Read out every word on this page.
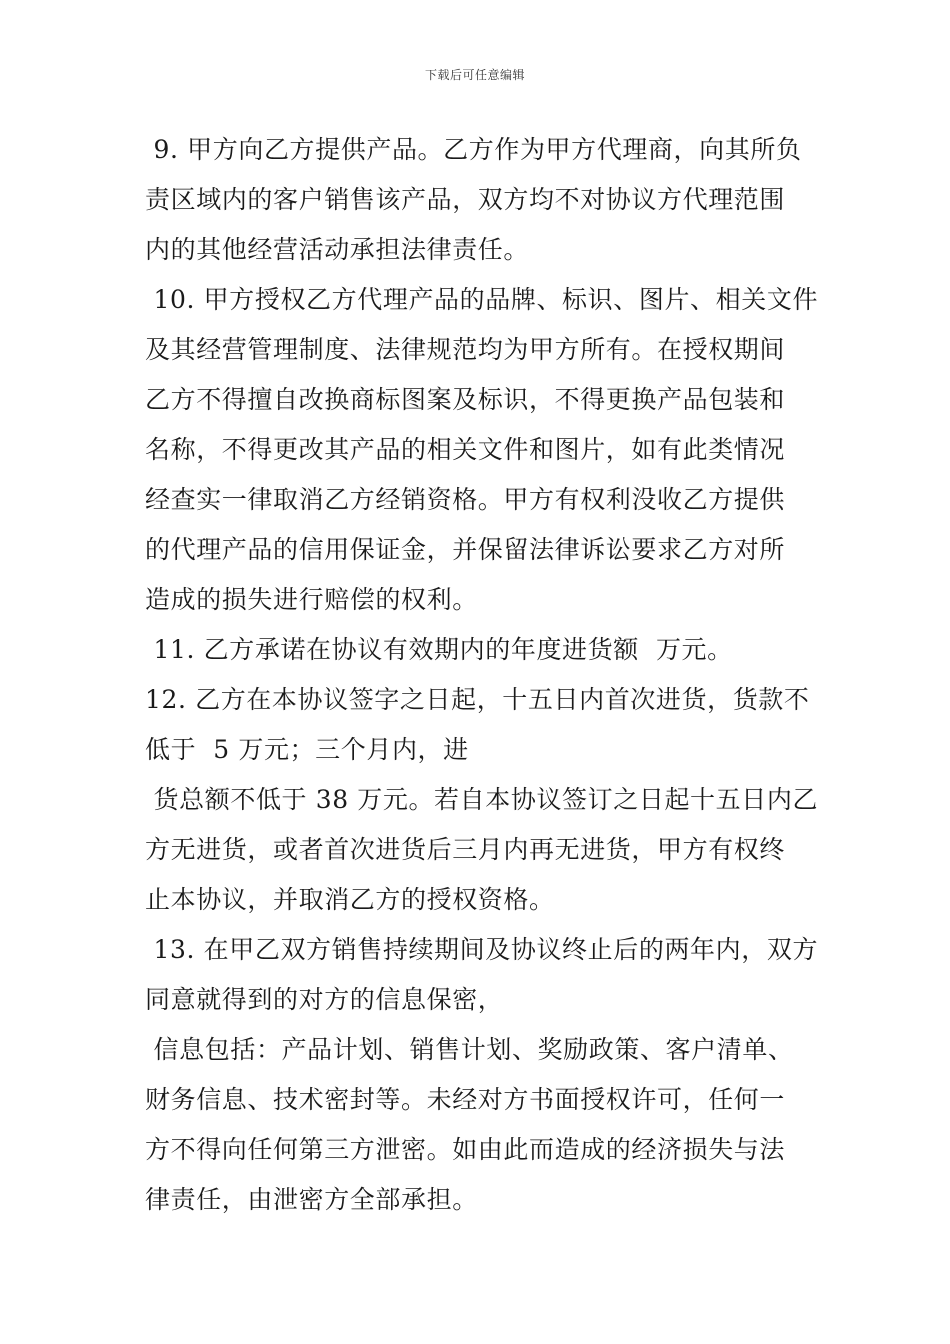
下载后可任意编辑
9. 甲方向乙方提供产品。乙方作为甲方代理商，向其所负
责区域内的客户销售该产品，双方均不对协议方代理范围
内的其他经营活动承担法律责任。
10. 甲方授权乙方代理产品的品牌、标识、图片、相关文件
及其经营管理制度、法律规范均为甲方所有。在授权期间
乙方不得擅自改换商标图案及标识，不得更换产品包装和
名称，不得更改其产品的相关文件和图片，如有此类情况
经查实一律取消乙方经销资格。甲方有权利没收乙方提供
的代理产品的信用保证金，并保留法律诉讼要求乙方对所
造成的损失进行赔偿的权利。
11. 乙方承诺在协议有效期内的年度进货额  万元。
12. 乙方在本协议签字之日起，十五日内首次进货，货款不
低于  5 万元；三个月内，进
货总额不低于 38 万元。若自本协议签订之日起十五日内乙
方无进货，或者首次进货后三月内再无进货，甲方有权终
止本协议，并取消乙方的授权资格。
13. 在甲乙双方销售持续期间及协议终止后的两年内，双方
同意就得到的对方的信息保密，
信息包括：产品计划、销售计划、奖励政策、客户清单、
财务信息、技术密封等。未经对方书面授权许可，任何一
方不得向任何第三方泄密。如由此而造成的经济损失与法
律责任，由泄密方全部承担。
